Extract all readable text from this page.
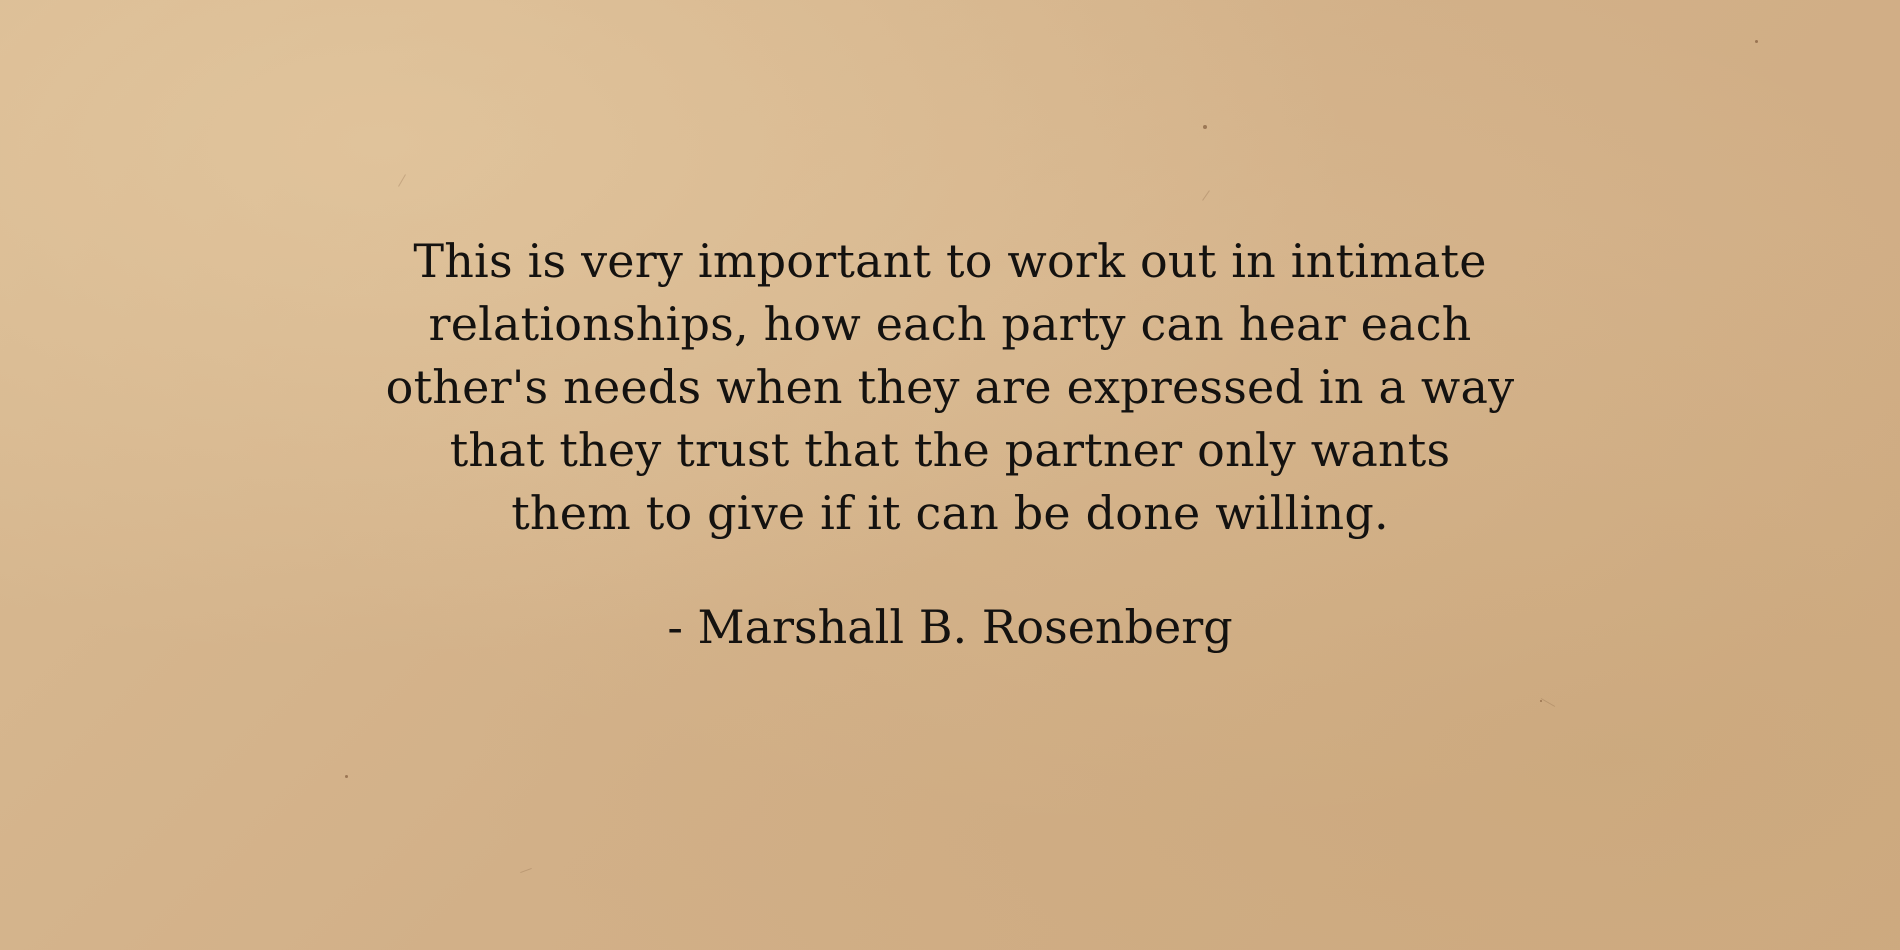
This is very important to work out in intimate
relationships, how each party can hear each
other's needs when they are expressed in a way
that they trust that the partner only wants
them to give if it can be done willing.

- Marshall B. Rosenberg
